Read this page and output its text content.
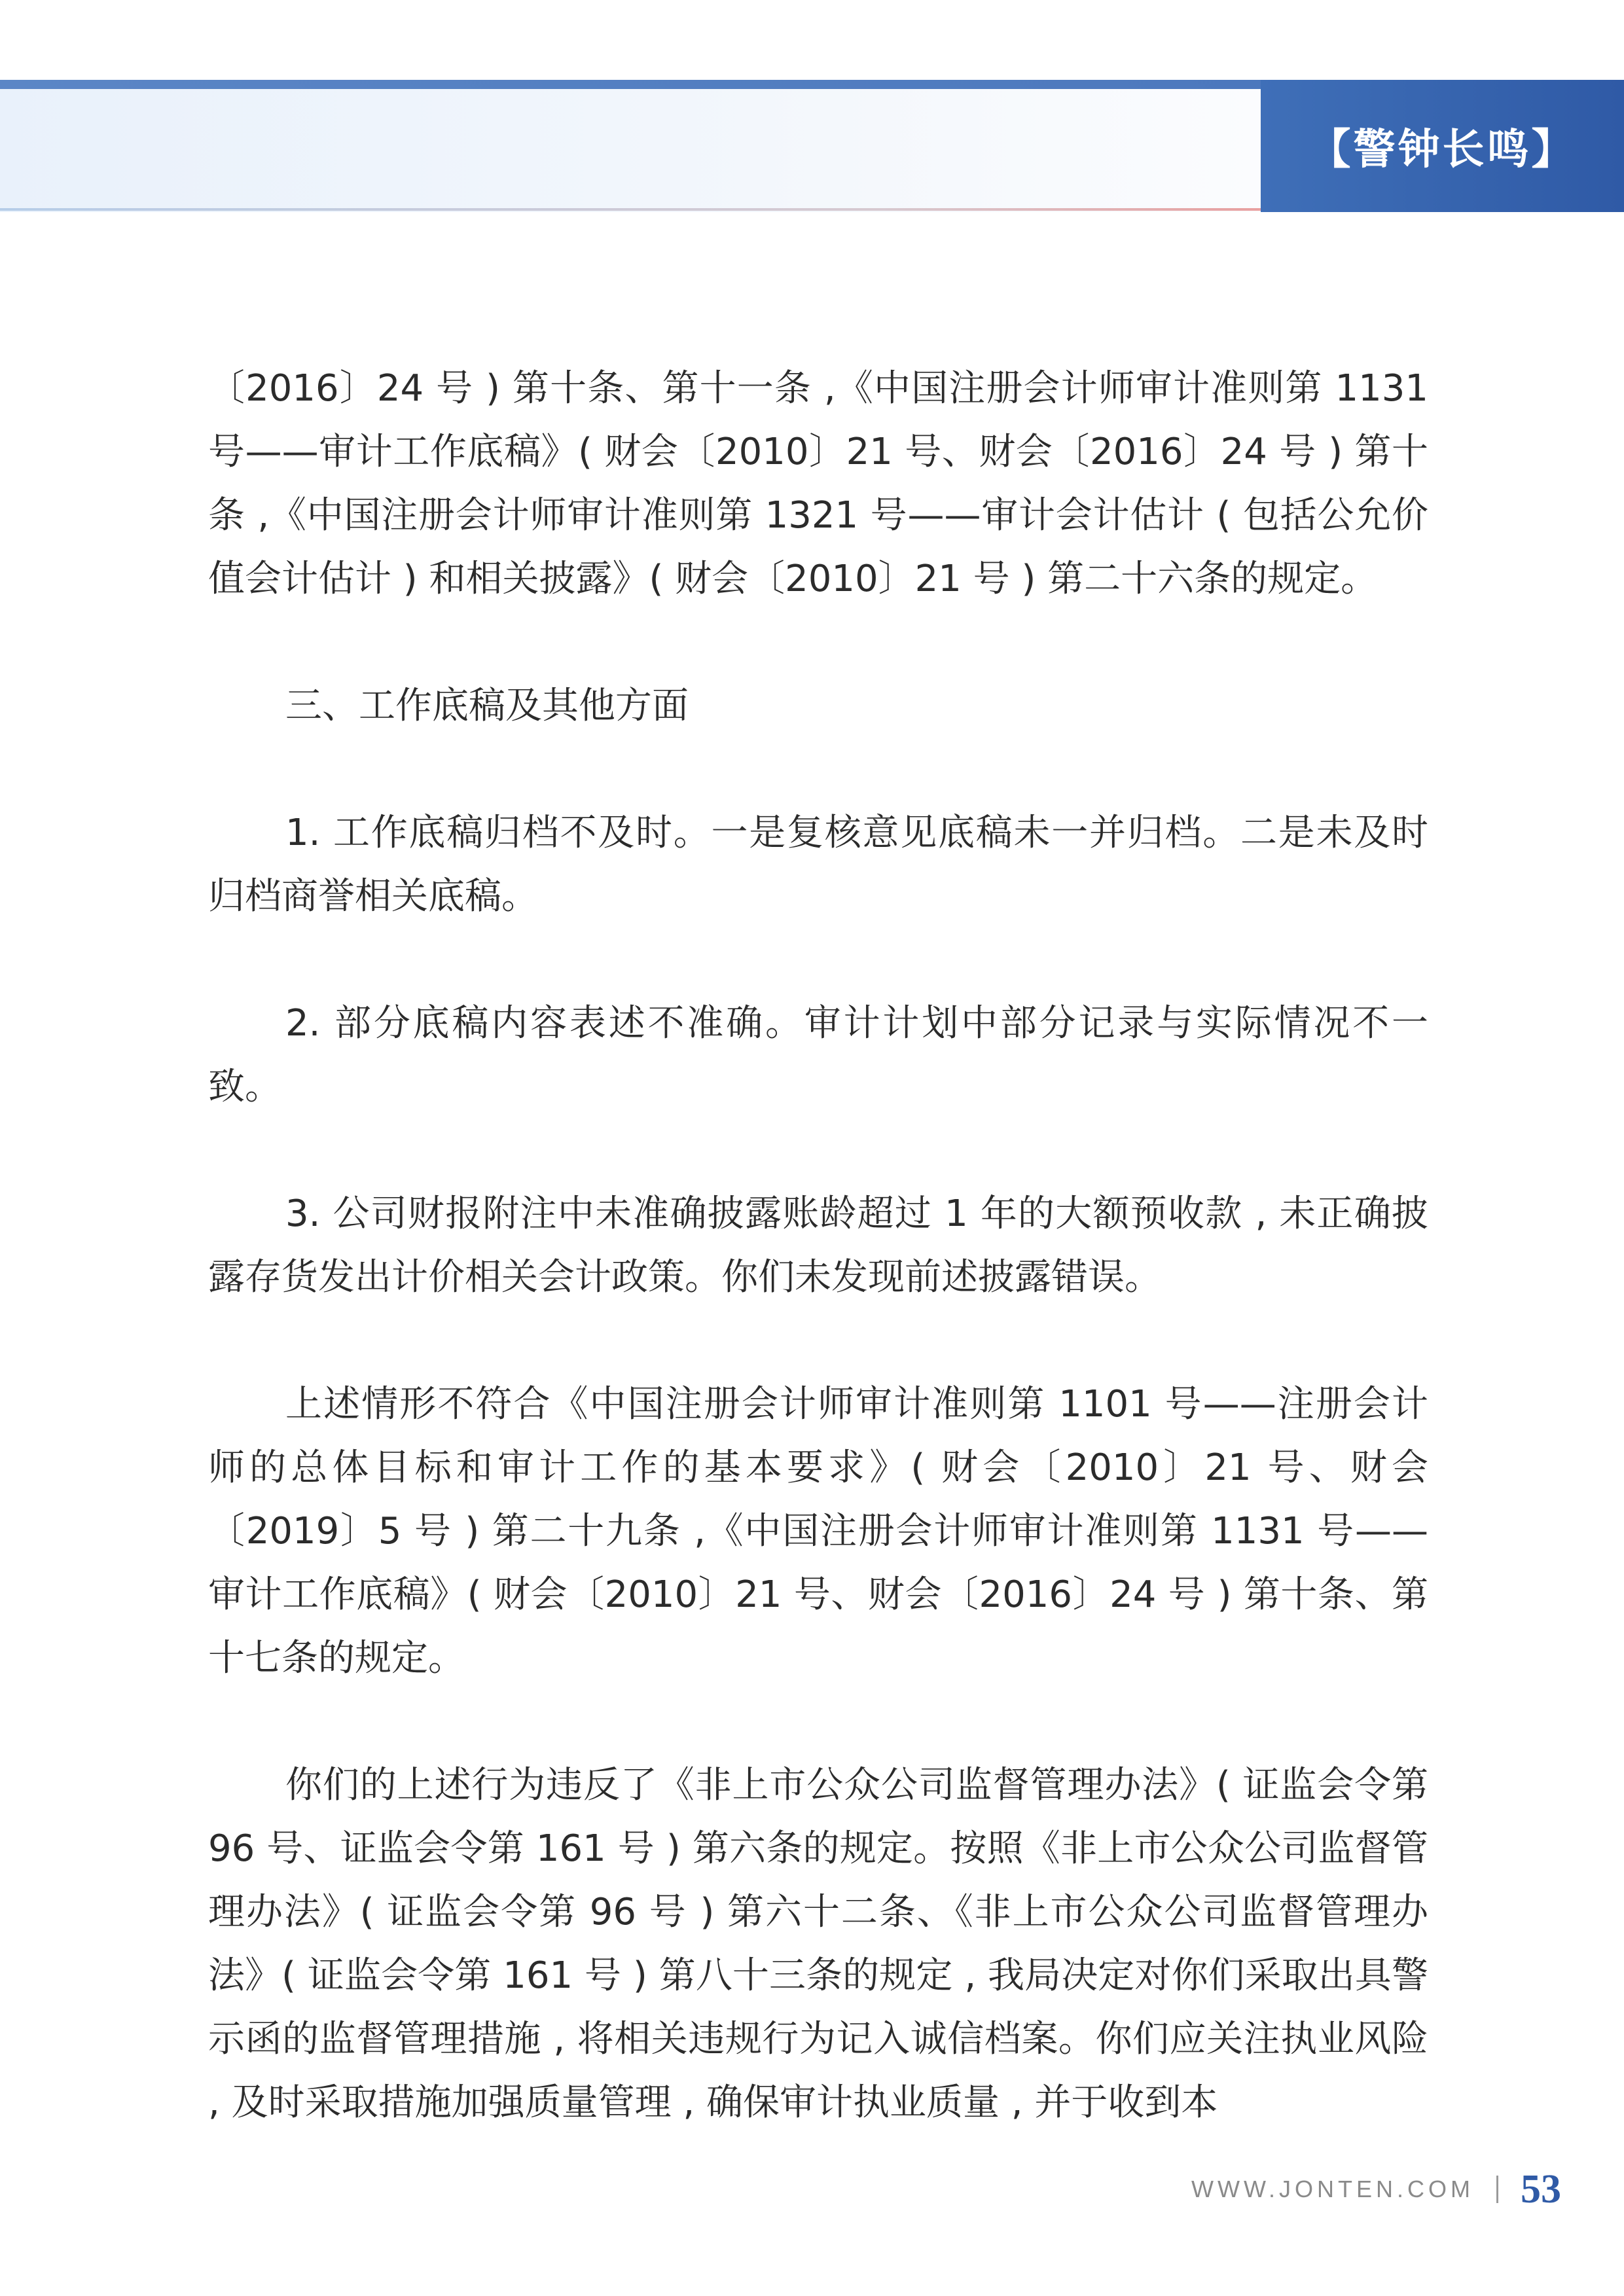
【警钟长鸣】

〔2016〕24 号 ) 第十条、第十一条 ,《中国注册会计师审计准则第 1131 号——审计工作底稿》( 财会〔2010〕21 号、财会〔2016〕24 号 ) 第十条 ,《中国注册会计师审计准则第 1321 号——审计会计估计 ( 包括公允价值会计估计 ) 和相关披露》( 财会〔2010〕21 号 ) 第二十六条的规定。

三、工作底稿及其他方面

1. 工作底稿归档不及时。一是复核意见底稿未一并归档。二是未及时归档商誉相关底稿。

2. 部分底稿内容表述不准确。审计计划中部分记录与实际情况不一致。

3. 公司财报附注中未准确披露账龄超过 1 年的大额预收款 , 未正确披露存货发出计价相关会计政策。你们未发现前述披露错误。

上述情形不符合《中国注册会计师审计准则第 1101 号——注册会计师的总体目标和审计工作的基本要求》( 财会〔2010〕21 号、财会〔2019〕5 号 ) 第二十九条 ,《中国注册会计师审计准则第 1131 号——审计工作底稿》( 财会〔2010〕21 号、财会〔2016〕24 号 ) 第十条、第十七条的规定。

你们的上述行为违反了《非上市公众公司监督管理办法》( 证监会令第 96 号、证监会令第 161 号 ) 第六条的规定。按照《非上市公众公司监督管理办法》( 证监会令第 96 号 ) 第六十二条、《非上市公众公司监督管理办法》( 证监会令第 161 号 ) 第八十三条的规定 , 我局决定对你们采取出具警示函的监督管理措施 , 将相关违规行为记入诚信档案。你们应关注执业风险 , 及时采取措施加强质量管理 , 确保审计执业质量 , 并于收到本

WWW.JONTEN.COM 53
